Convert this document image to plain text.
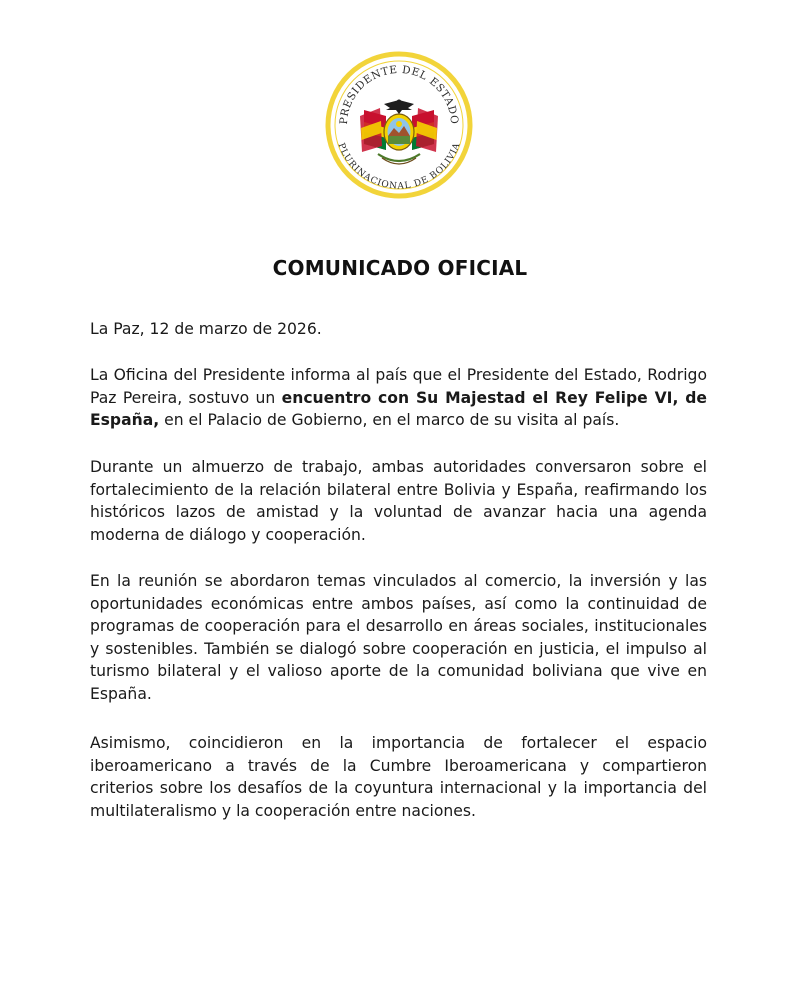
PRESIDENTE DEL ESTADO
PLURINACIONAL DE BOLIVIA
COMUNICADO OFICIAL
La Paz, 12 de marzo de 2026.
La Oficina del Presidente informa al país que el Presidente del Estado, Rodrigo Paz Pereira, sostuvo un encuentro con Su Majestad el Rey Felipe VI, de España, en el Palacio de Gobierno, en el marco de su visita al país.
Durante un almuerzo de trabajo, ambas autoridades conversaron sobre el fortalecimiento de la relación bilateral entre Bolivia y España, reafirmando los históricos lazos de amistad y la voluntad de avanzar hacia una agenda moderna de diálogo y cooperación.
En la reunión se abordaron temas vinculados al comercio, la inversión y las oportunidades económicas entre ambos países, así como la continuidad de programas de cooperación para el desarrollo en áreas sociales, institucionales y sostenibles. También se dialogó sobre cooperación en justicia, el impulso al turismo bilateral y el valioso aporte de la comunidad boliviana que vive en España.
Asimismo, coincidieron en la importancia de fortalecer el espacio iberoamericano a través de la Cumbre Iberoamericana y compartieron criterios sobre los desafíos de la coyuntura internacional y la importancia del multilateralismo y la cooperación entre naciones.
